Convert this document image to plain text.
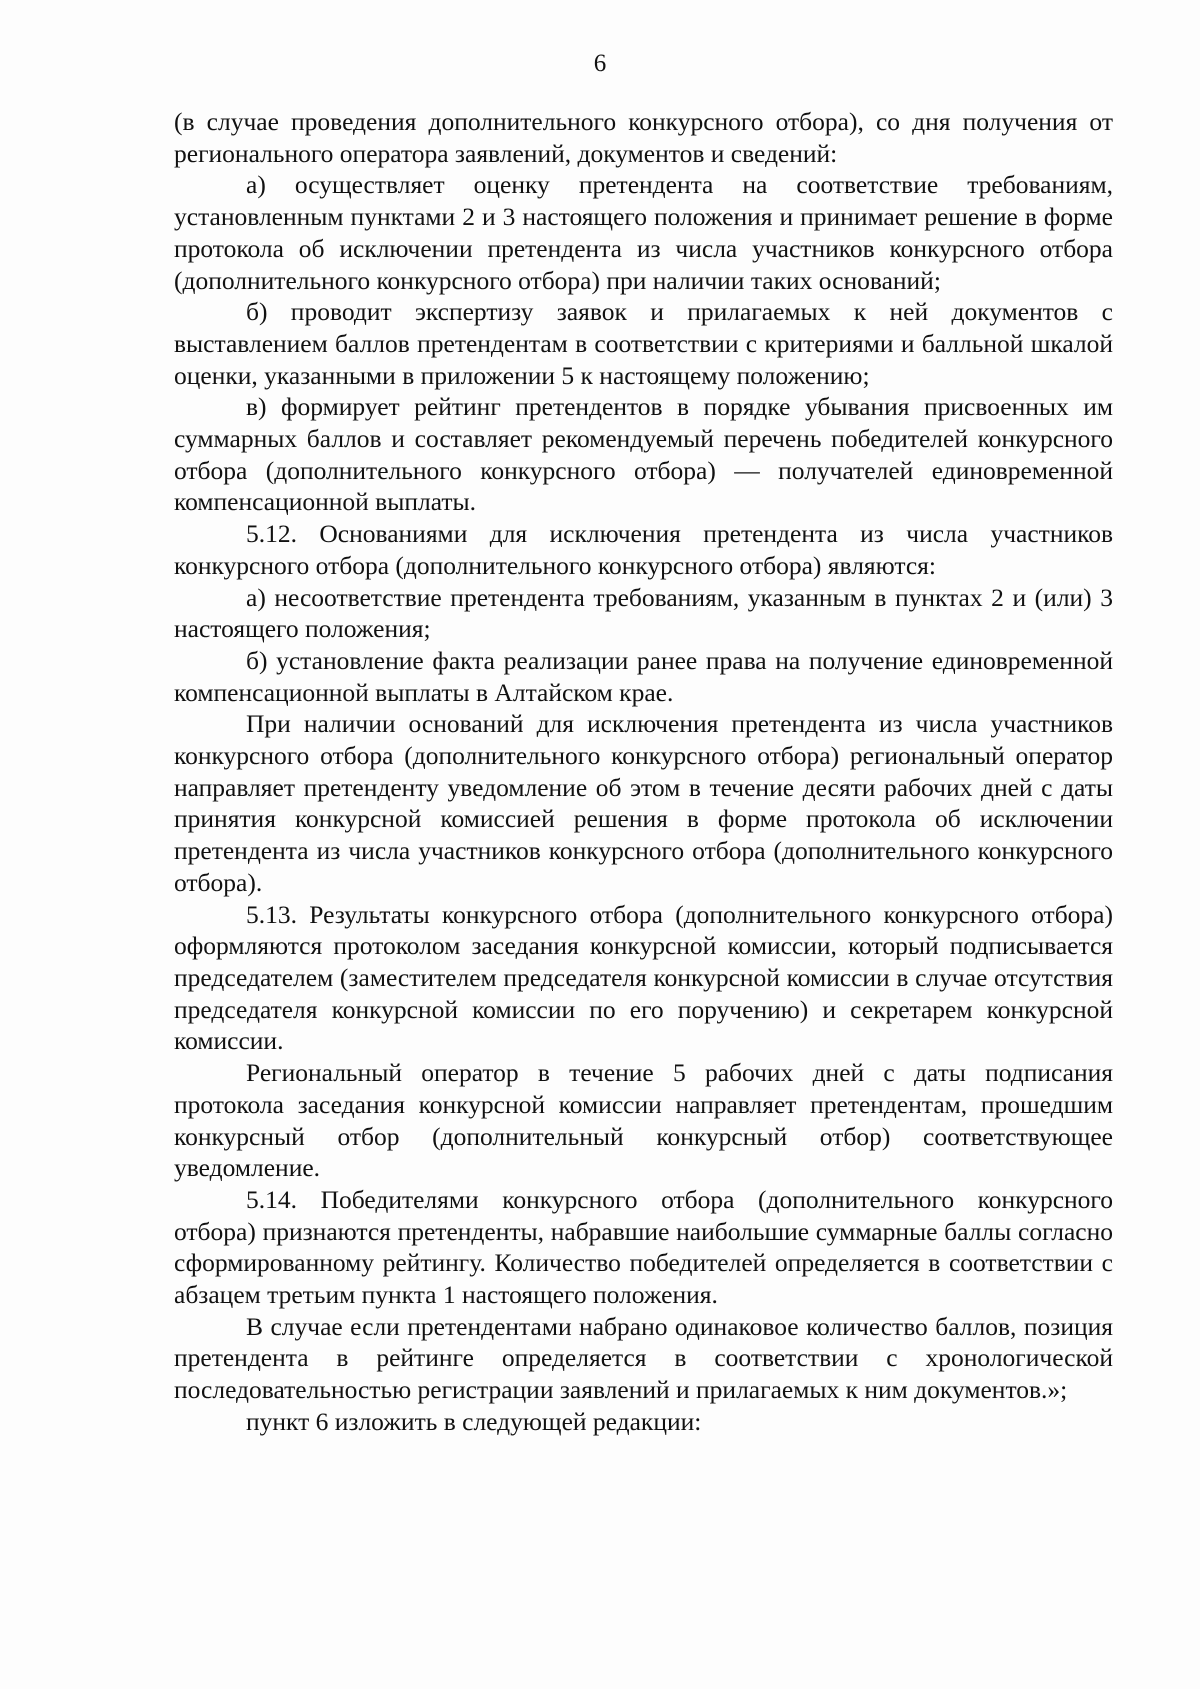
6

(в случае проведения дополнительного конкурсного отбора), со дня получения от регионального оператора заявлений, документов и сведений:

а) осуществляет оценку претендента на соответствие требованиям, установленным пунктами 2 и 3 настоящего положения и принимает решение в форме протокола об исключении претендента из числа участников конкурсного отбора (дополнительного конкурсного отбора) при наличии таких оснований;

б) проводит экспертизу заявок и прилагаемых к ней документов с выставлением баллов претендентам в соответствии с критериями и балльной шкалой оценки, указанными в приложении 5 к настоящему положению;

в) формирует рейтинг претендентов в порядке убывания присвоенных им суммарных баллов и составляет рекомендуемый перечень победителей конкурсного отбора (дополнительного конкурсного отбора) — получателей единовременной компенсационной выплаты.

5.12. Основаниями для исключения претендента из числа участников конкурсного отбора (дополнительного конкурсного отбора) являются:

а) несоответствие претендента требованиям, указанным в пунктах 2 и (или) 3 настоящего положения;

б) установление факта реализации ранее права на получение единовременной компенсационной выплаты в Алтайском крае.

При наличии оснований для исключения претендента из числа участников конкурсного отбора (дополнительного конкурсного отбора) региональный оператор направляет претенденту уведомление об этом в течение десяти рабочих дней с даты принятия конкурсной комиссией решения в форме протокола об исключении претендента из числа участников конкурсного отбора (дополнительного конкурсного отбора).

5.13. Результаты конкурсного отбора (дополнительного конкурсного отбора) оформляются протоколом заседания конкурсной комиссии, который подписывается председателем (заместителем председателя конкурсной комиссии в случае отсутствия председателя конкурсной комиссии по его поручению) и секретарем конкурсной комиссии.

Региональный оператор в течение 5 рабочих дней с даты подписания протокола заседания конкурсной комиссии направляет претендентам, прошедшим конкурсный отбор (дополнительный конкурсный отбор) соответствующее уведомление.

5.14. Победителями конкурсного отбора (дополнительного конкурсного отбора) признаются претенденты, набравшие наибольшие суммарные баллы согласно сформированному рейтингу. Количество победителей определяется в соответствии с абзацем третьим пункта 1 настоящего положения.

В случае если претендентами набрано одинаковое количество баллов, позиция претендента в рейтинге определяется в соответствии с хронологической последовательностью регистрации заявлений и прилагаемых к ним документов.»;

пункт 6 изложить в следующей редакции:
